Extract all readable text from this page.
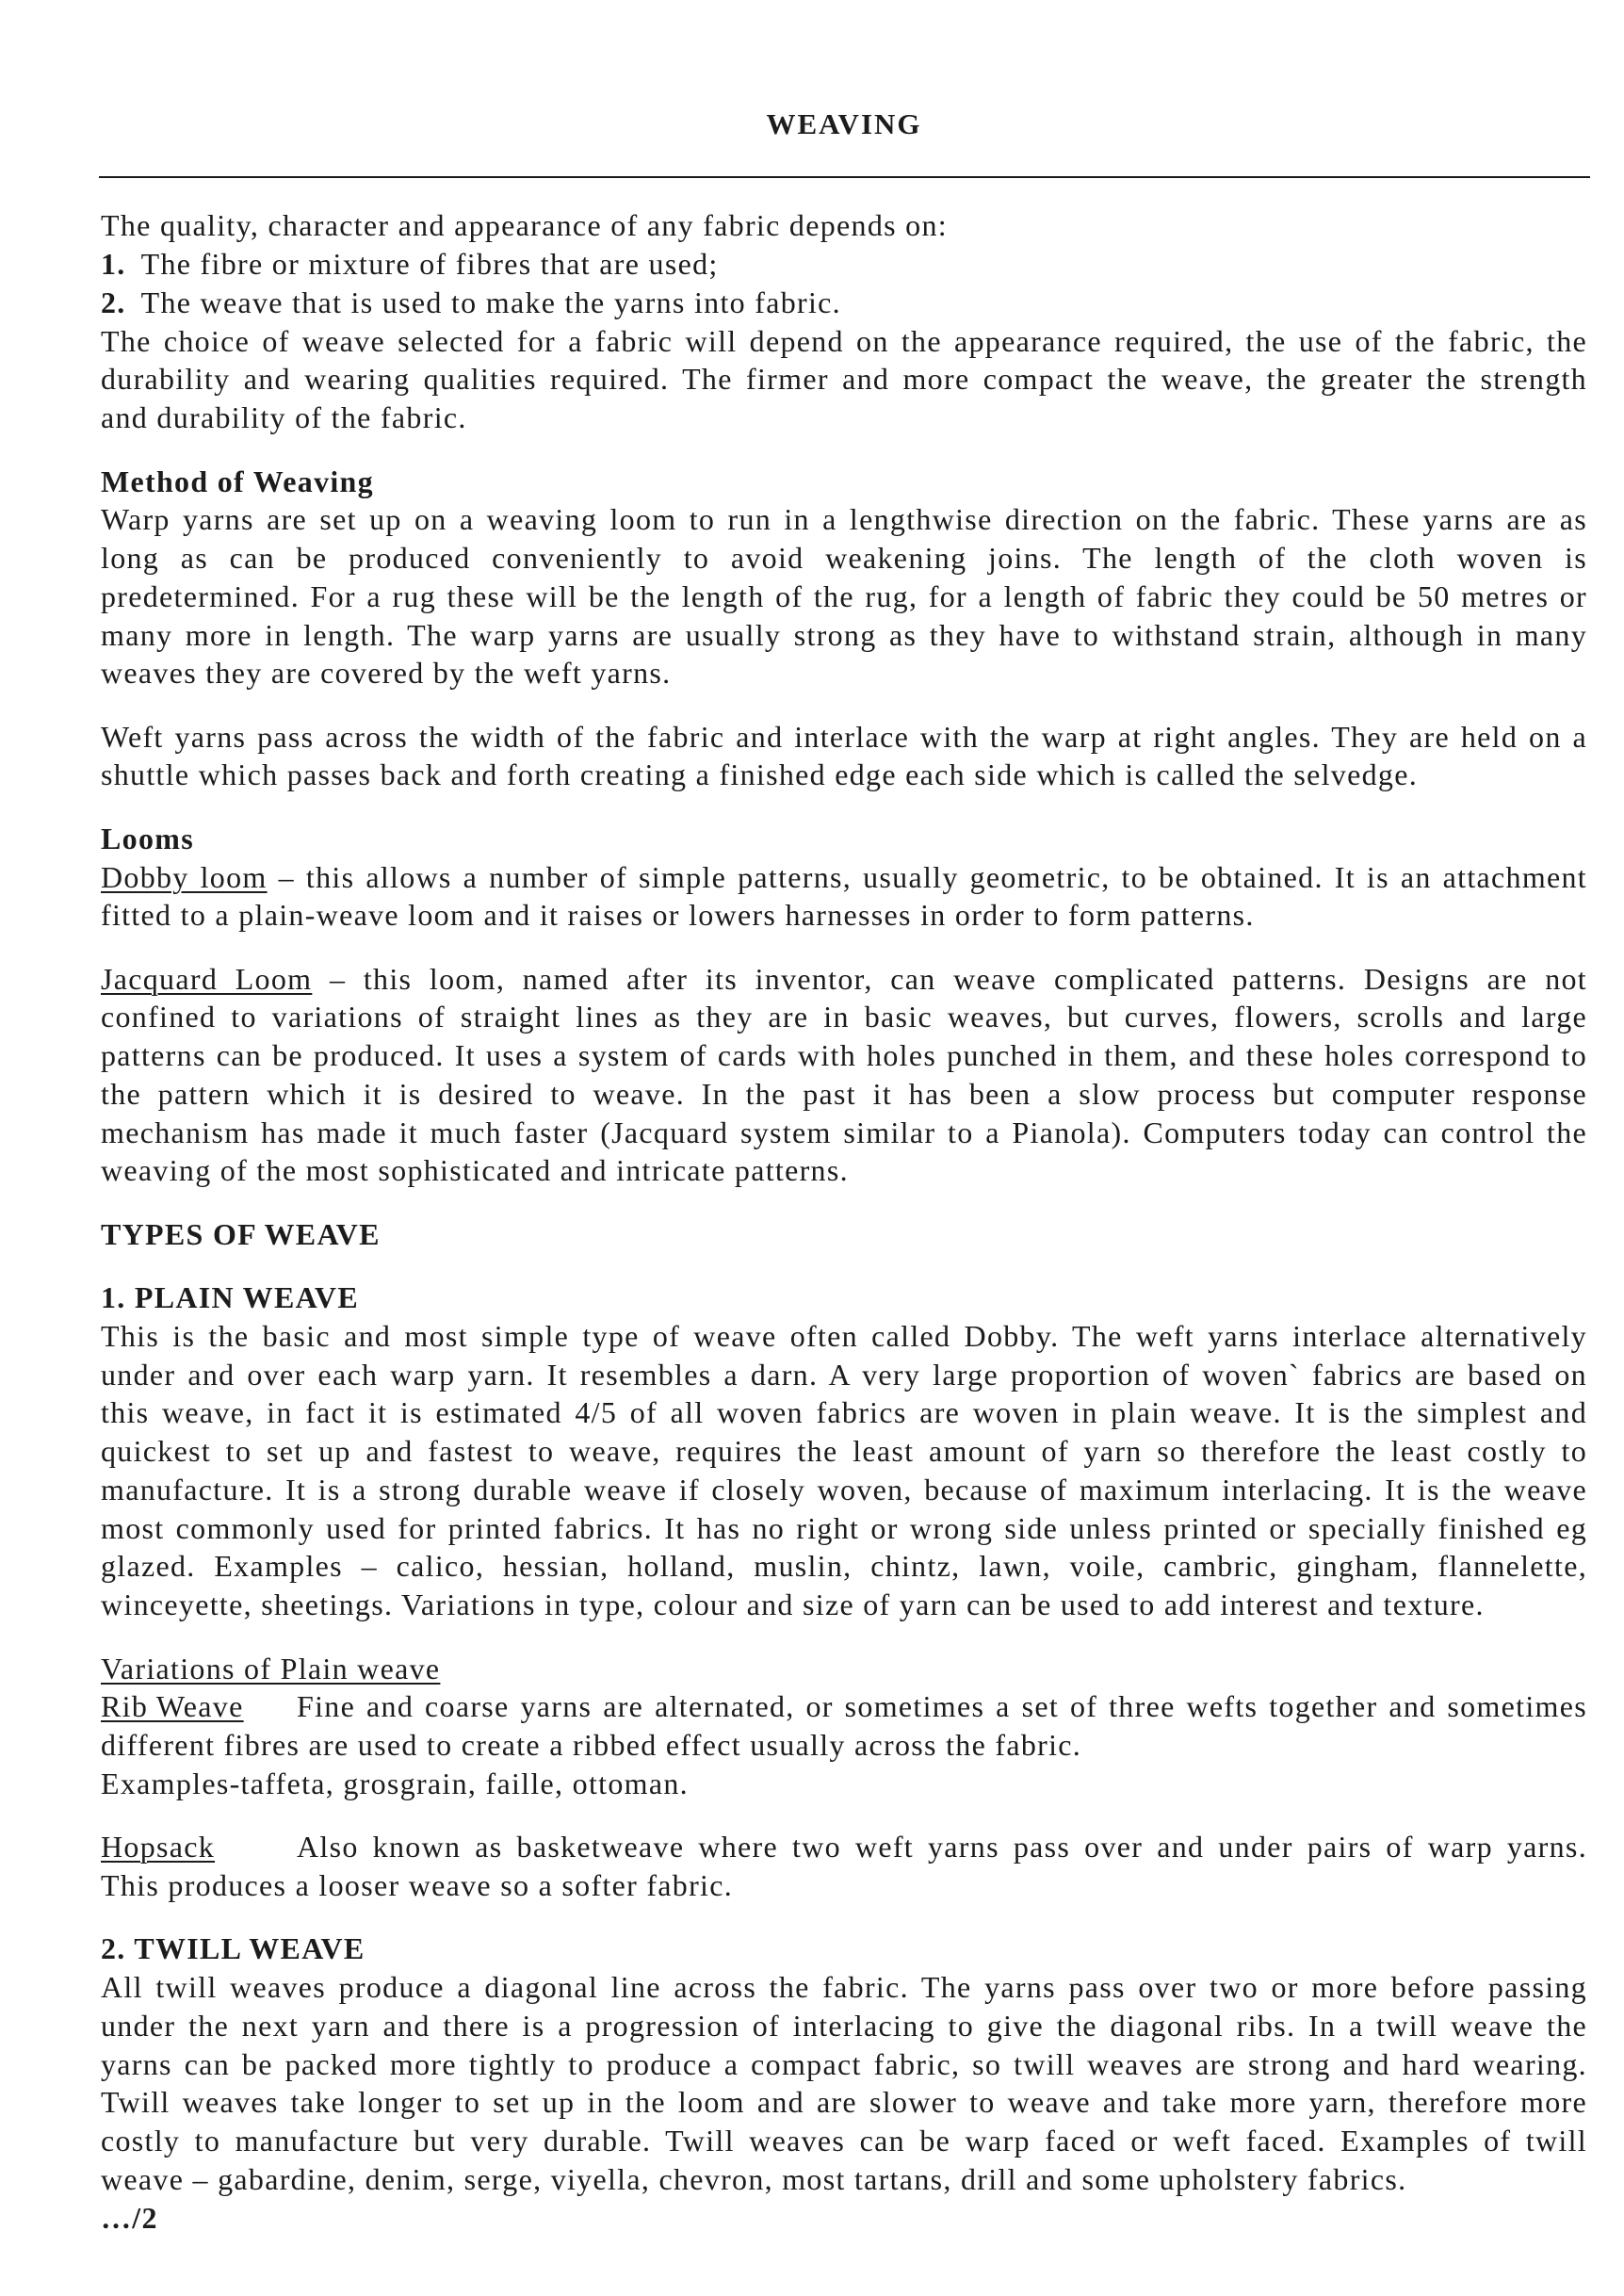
WEAVING
The quality, character and appearance of any fabric depends on:
1. The fibre or mixture of fibres that are used;
2. The weave that is used to make the yarns into fabric.
The choice of weave selected for a fabric will depend on the appearance required, the use of the fabric, the
durability and wearing qualities required. The firmer and more compact the weave, the greater the strength
and durability of the fabric.
Method of Weaving
Warp yarns are set up on a weaving loom to run in a lengthwise direction on the fabric. These yarns are as
long as can be produced conveniently to avoid weakening joins. The length of the cloth woven is
predetermined. For a rug these will be the length of the rug, for a length of fabric they could be 50 metres or
many more in length. The warp yarns are usually strong as they have to withstand strain, although in many
weaves they are covered by the weft yarns.
Weft yarns pass across the width of the fabric and interlace with the warp at right angles. They are held on a
shuttle which passes back and forth creating a finished edge each side which is called the selvedge.
Looms
Dobby loom – this allows a number of simple patterns, usually geometric, to be obtained. It is an attachment
fitted to a plain-weave loom and it raises or lowers harnesses in order to form patterns.
Jacquard Loom – this loom, named after its inventor, can weave complicated patterns. Designs are not
confined to variations of straight lines as they are in basic weaves, but curves, flowers, scrolls and large
patterns can be produced. It uses a system of cards with holes punched in them, and these holes correspond to
the pattern which it is desired to weave. In the past it has been a slow process but computer response
mechanism has made it much faster (Jacquard system similar to a Pianola). Computers today can control the
weaving of the most sophisticated and intricate patterns.
TYPES OF WEAVE
1. PLAIN WEAVE
This is the basic and most simple type of weave often called Dobby. The weft yarns interlace alternatively
under and over each warp yarn. It resembles a darn. A very large proportion of woven` fabrics are based on
this weave, in fact it is estimated 4/5 of all woven fabrics are woven in plain weave. It is the simplest and
quickest to set up and fastest to weave, requires the least amount of yarn so therefore the least costly to
manufacture. It is a strong durable weave if closely woven, because of maximum interlacing. It is the weave
most commonly used for printed fabrics. It has no right or wrong side unless printed or specially finished eg
glazed. Examples – calico, hessian, holland, muslin, chintz, lawn, voile, cambric, gingham, flannelette,
winceyette, sheetings. Variations in type, colour and size of yarn can be used to add interest and texture.
Variations of Plain weave
Rib Weave	Fine and coarse yarns are alternated, or sometimes a set of three wefts together and sometimes
different fibres are used to create a ribbed effect usually across the fabric.
Examples-taffeta, grosgrain, faille, ottoman.
Hopsack	Also known as basketweave where two weft yarns pass over and under pairs of warp yarns.
This produces a looser weave so a softer fabric.
2. TWILL WEAVE
All twill weaves produce a diagonal line across the fabric. The yarns pass over two or more before passing
under the next yarn and there is a progression of interlacing to give the diagonal ribs. In a twill weave the
yarns can be packed more tightly to produce a compact fabric, so twill weaves are strong and hard wearing.
Twill weaves take longer to set up in the loom and are slower to weave and take more yarn, therefore more
costly to manufacture but very durable. Twill weaves can be warp faced or weft faced. Examples of twill
weave – gabardine, denim, serge, viyella, chevron, most tartans, drill and some upholstery fabrics.
…/2
